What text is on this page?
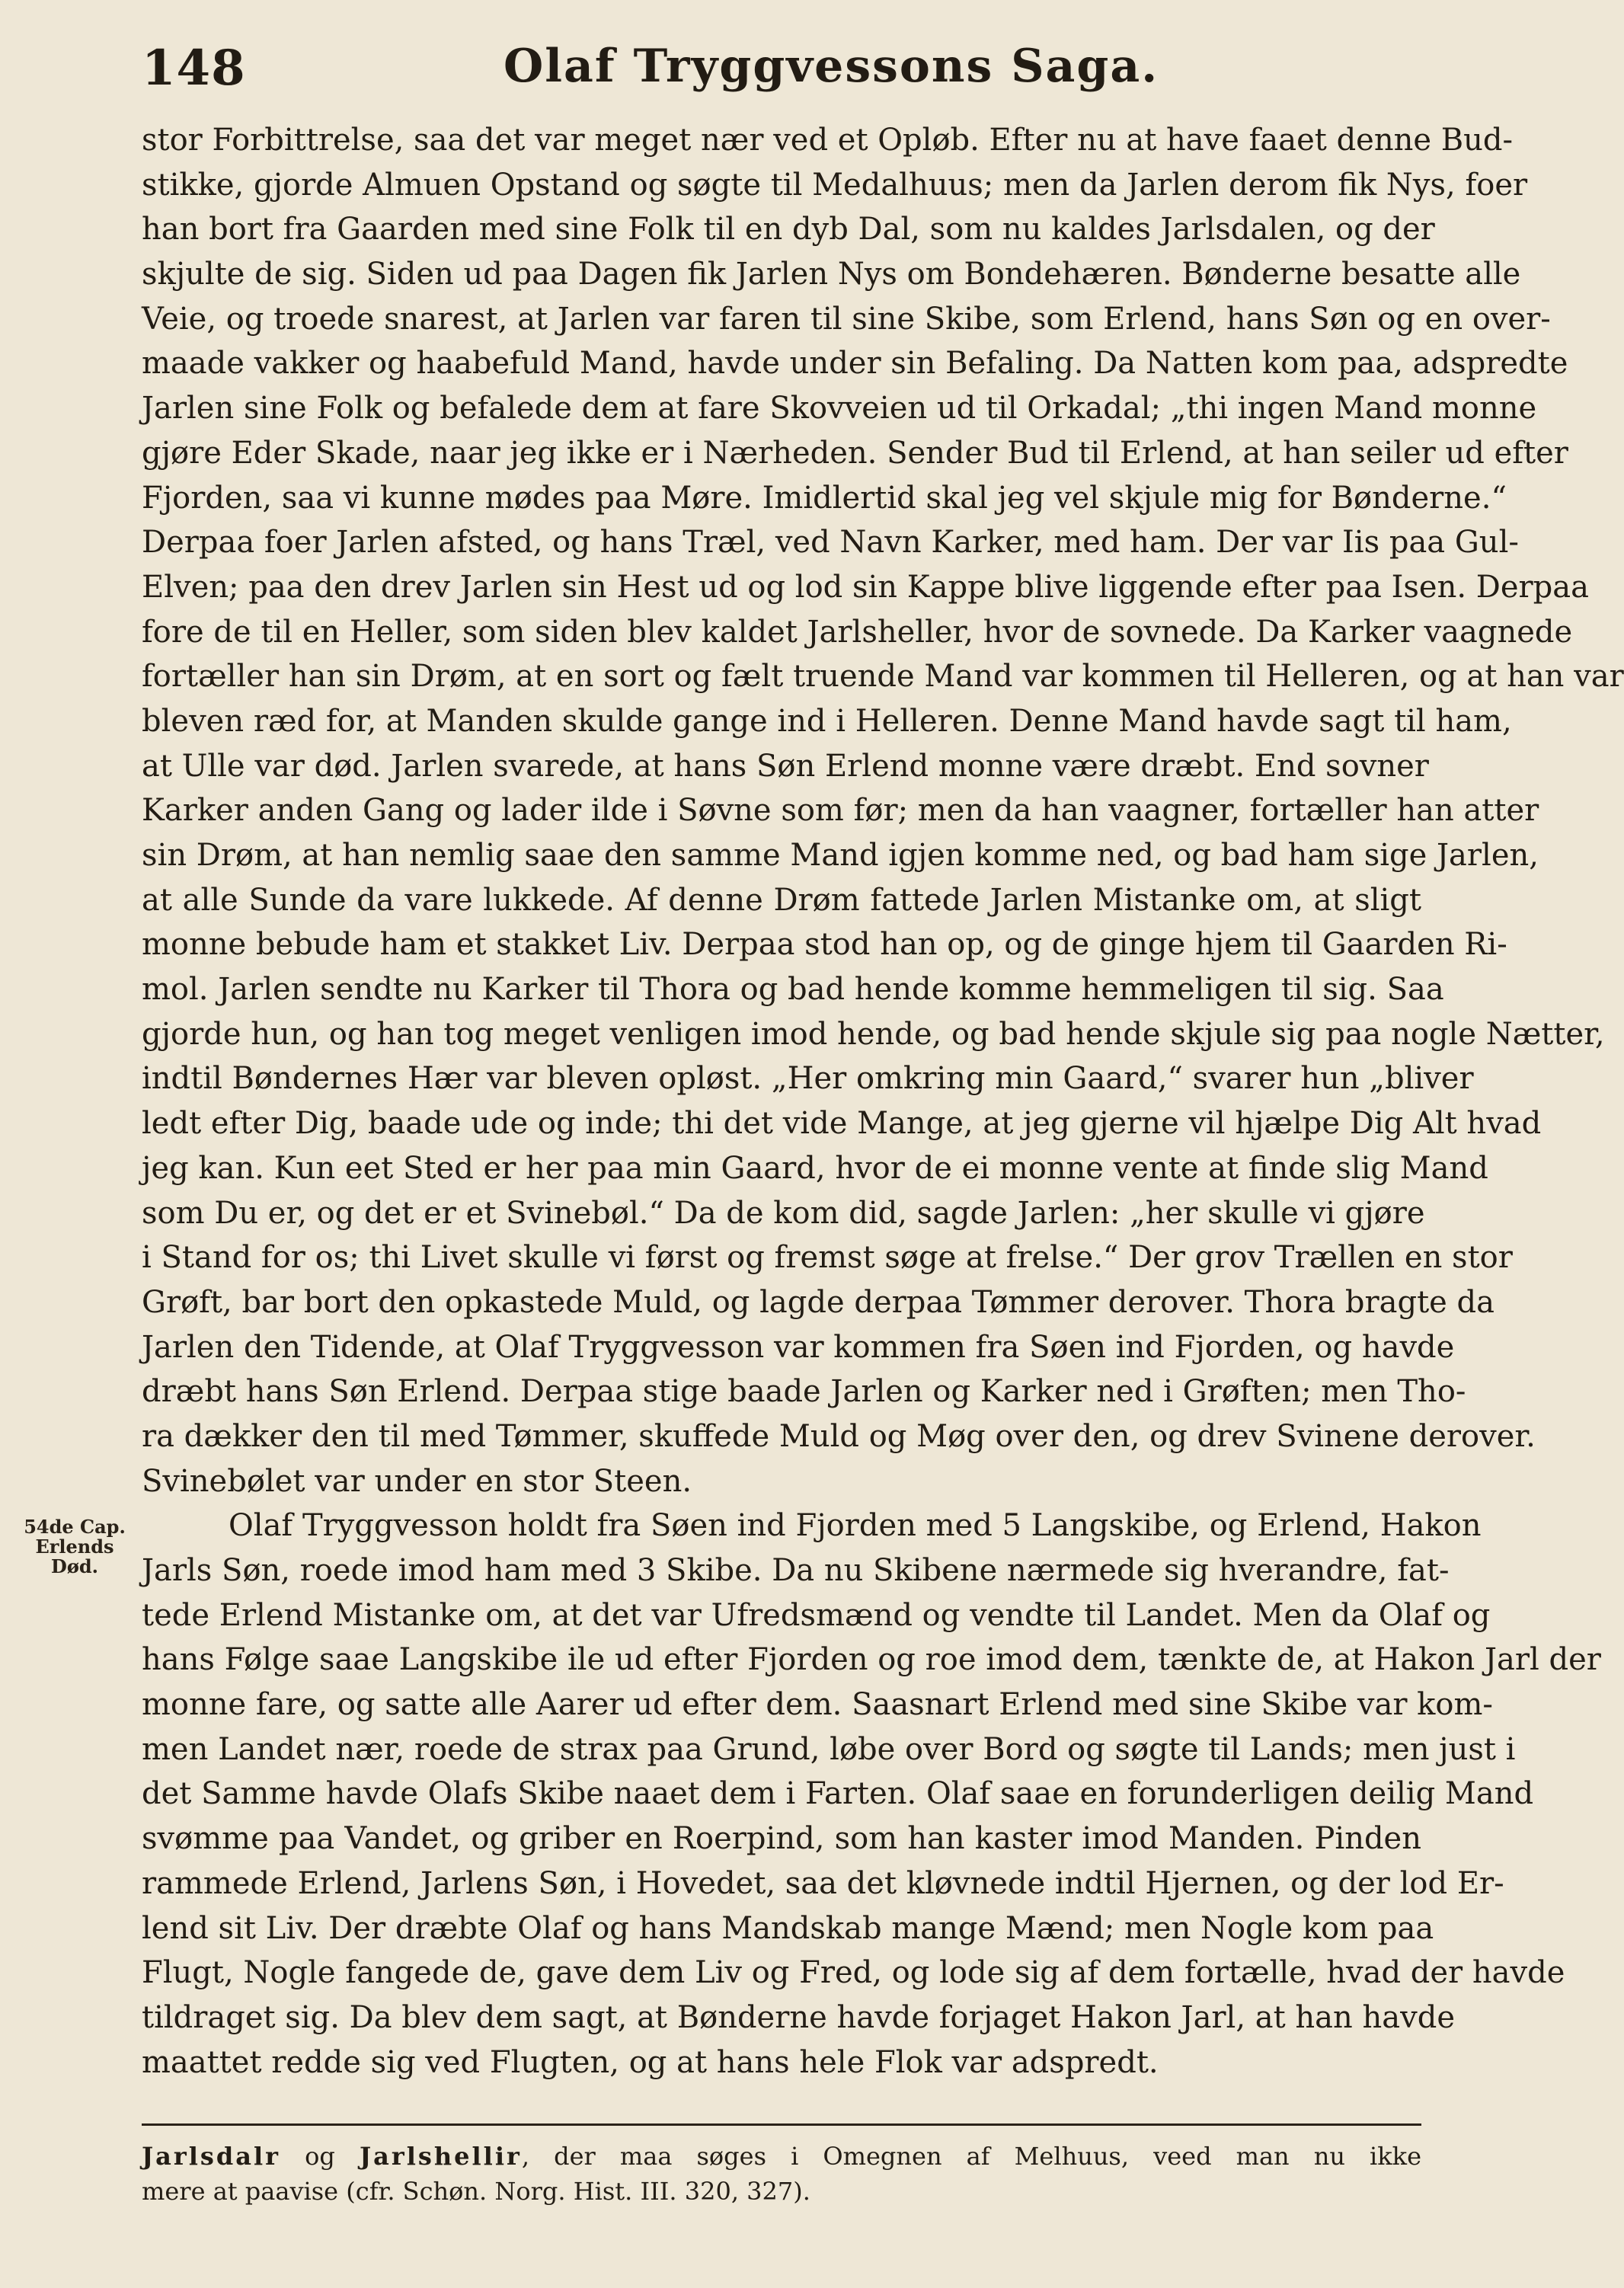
148	Olaf Tryggvessons Saga.
54de Cap.
Erlends
Død.
stor Forbittrelse, saa det var meget nær ved et Opløb. Efter nu at have faaet denne Bud-
stikke, gjorde Almuen Opstand og søgte til Medalhuus; men da Jarlen derom fik Nys, foer
han bort fra Gaarden med sine Folk til en dyb Dal, som nu kaldes Jarlsdalen, og der
skjulte de sig. Siden ud paa Dagen fik Jarlen Nys om Bondehæren. Bønderne besatte alle
Veie, og troede snarest, at Jarlen var faren til sine Skibe, som Erlend, hans Søn og en over-
maade vakker og haabefuld Mand, havde under sin Befaling. Da Natten kom paa, adspredte
Jarlen sine Folk og befalede dem at fare Skovveien ud til Orkadal; „thi ingen Mand monne
gjøre Eder Skade, naar jeg ikke er i Nærheden. Sender Bud til Erlend, at han seiler ud efter
Fjorden, saa vi kunne mødes paa Møre. Imidlertid skal jeg vel skjule mig for Bønderne.“
Derpaa foer Jarlen afsted, og hans Træl, ved Navn Karker, med ham. Der var Iis paa Gul-
Elven; paa den drev Jarlen sin Hest ud og lod sin Kappe blive liggende efter paa Isen. Derpaa
fore de til en Heller, som siden blev kaldet Jarlsheller, hvor de sovnede. Da Karker vaagnede
fortæller han sin Drøm, at en sort og fælt truende Mand var kommen til Helleren, og at han var
bleven ræd for, at Manden skulde gange ind i Helleren. Denne Mand havde sagt til ham,
at Ulle var død. Jarlen svarede, at hans Søn Erlend monne være dræbt. End sovner
Karker anden Gang og lader ilde i Søvne som før; men da han vaagner, fortæller han atter
sin Drøm, at han nemlig saae den samme Mand igjen komme ned, og bad ham sige Jarlen,
at alle Sunde da vare lukkede. Af denne Drøm fattede Jarlen Mistanke om, at sligt
monne bebude ham et stakket Liv. Derpaa stod han op, og de ginge hjem til Gaarden Ri-
mol. Jarlen sendte nu Karker til Thora og bad hende komme hemmeligen til sig. Saa
gjorde hun, og han tog meget venligen imod hende, og bad hende skjule sig paa nogle Nætter,
indtil Bøndernes Hær var bleven opløst. „Her omkring min Gaard,“ svarer hun „bliver
ledt efter Dig, baade ude og inde; thi det vide Mange, at jeg gjerne vil hjælpe Dig Alt hvad
jeg kan. Kun eet Sted er her paa min Gaard, hvor de ei monne vente at finde slig Mand
som Du er, og det er et Svinebøl.“ Da de kom did, sagde Jarlen: „her skulle vi gjøre
i Stand for os; thi Livet skulle vi først og fremst søge at frelse.“ Der grov Trællen en stor
Grøft, bar bort den opkastede Muld, og lagde derpaa Tømmer derover. Thora bragte da
Jarlen den Tidende, at Olaf Tryggvesson var kommen fra Søen ind Fjorden, og havde
dræbt hans Søn Erlend. Derpaa stige baade Jarlen og Karker ned i Grøften; men Tho-
ra dækker den til med Tømmer, skuffede Muld og Møg over den, og drev Svinene derover.
Svinebølet var under en stor Steen.
Olaf Tryggvesson holdt fra Søen ind Fjorden med 5 Langskibe, og Erlend, Hakon
Jarls Søn, roede imod ham med 3 Skibe. Da nu Skibene nærmede sig hverandre, fat-
tede Erlend Mistanke om, at det var Ufredsmænd og vendte til Landet. Men da Olaf og
hans Følge saae Langskibe ile ud efter Fjorden og roe imod dem, tænkte de, at Hakon Jarl der
monne fare, og satte alle Aarer ud efter dem. Saasnart Erlend med sine Skibe var kom-
men Landet nær, roede de strax paa Grund, løbe over Bord og søgte til Lands; men just i
det Samme havde Olafs Skibe naaet dem i Farten. Olaf saae en forunderligen deilig Mand
svømme paa Vandet, og griber en Roerpind, som han kaster imod Manden. Pinden
rammede Erlend, Jarlens Søn, i Hovedet, saa det kløvnede indtil Hjernen, og der lod Er-
lend sit Liv. Der dræbte Olaf og hans Mandskab mange Mænd; men Nogle kom paa
Flugt, Nogle fangede de, gave dem Liv og Fred, og lode sig af dem fortælle, hvad der havde
tildraget sig. Da blev dem sagt, at Bønderne havde forjaget Hakon Jarl, at han havde
maattet redde sig ved Flugten, og at hans hele Flok var adspredt.
Jarlsdalr og Jarlshellir, der maa søges i Omegnen af Melhuus, veed man nu ikke
mere at paavise (cfr. Schøn. Norg. Hist. III. 320, 327).
